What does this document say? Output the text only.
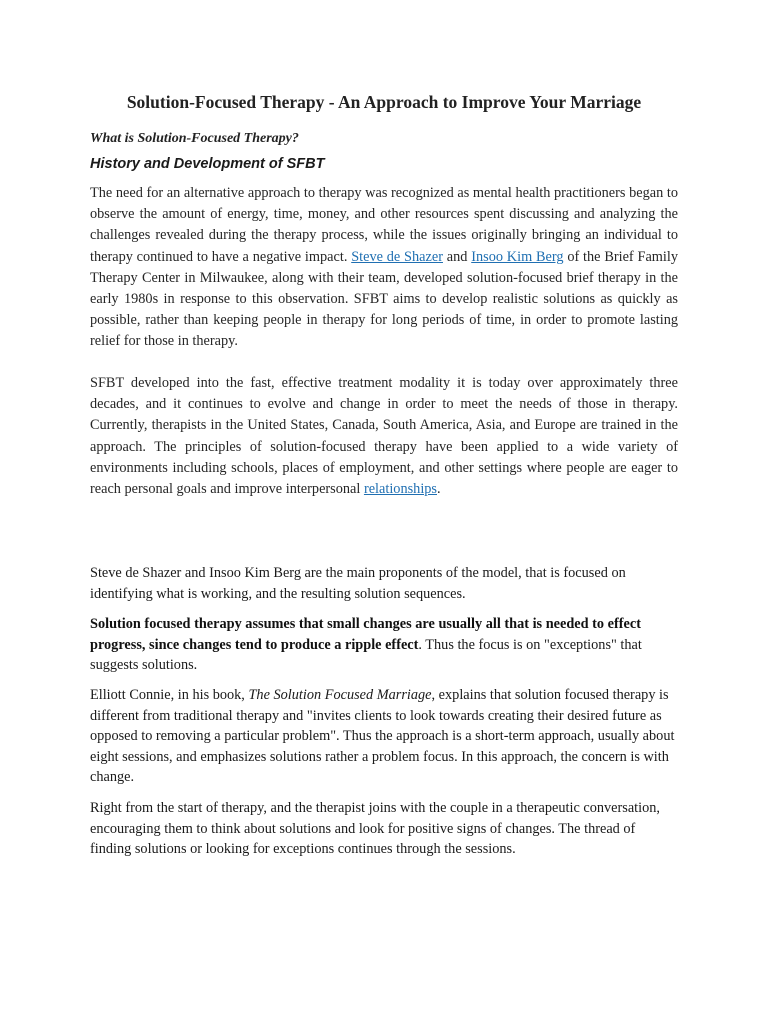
Solution-Focused Therapy - An Approach to Improve Your Marriage

What is Solution-Focused Therapy?

History and Development of SFBT

The need for an alternative approach to therapy was recognized as mental health practitioners began to observe the amount of energy, time, money, and other resources spent discussing and analyzing the challenges revealed during the therapy process, while the issues originally bringing an individual to therapy continued to have a negative impact. Steve de Shazer and Insoo Kim Berg of the Brief Family Therapy Center in Milwaukee, along with their team, developed solution-focused brief therapy in the early 1980s in response to this observation. SFBT aims to develop realistic solutions as quickly as possible, rather than keeping people in therapy for long periods of time, in order to promote lasting relief for those in therapy.

SFBT developed into the fast, effective treatment modality it is today over approximately three decades, and it continues to evolve and change in order to meet the needs of those in therapy. Currently, therapists in the United States, Canada, South America, Asia, and Europe are trained in the approach. The principles of solution-focused therapy have been applied to a wide variety of environments including schools, places of employment, and other settings where people are eager to reach personal goals and improve interpersonal relationships.

Steve de Shazer and Insoo Kim Berg are the main proponents of the model, that is focused on identifying what is working, and the resulting solution sequences.

Solution focused therapy assumes that small changes are usually all that is needed to effect progress, since changes tend to produce a ripple effect. Thus the focus is on "exceptions" that suggests solutions.

Elliott Connie, in his book, The Solution Focused Marriage, explains that solution focused therapy is different from traditional therapy and "invites clients to look towards creating their desired future as opposed to removing a particular problem". Thus the approach is a short-term approach, usually about eight sessions, and emphasizes solutions rather a problem focus. In this approach, the concern is with change.

Right from the start of therapy, and the therapist joins with the couple in a therapeutic conversation, encouraging them to think about solutions and look for positive signs of changes. The thread of finding solutions or looking for exceptions continues through the sessions.
